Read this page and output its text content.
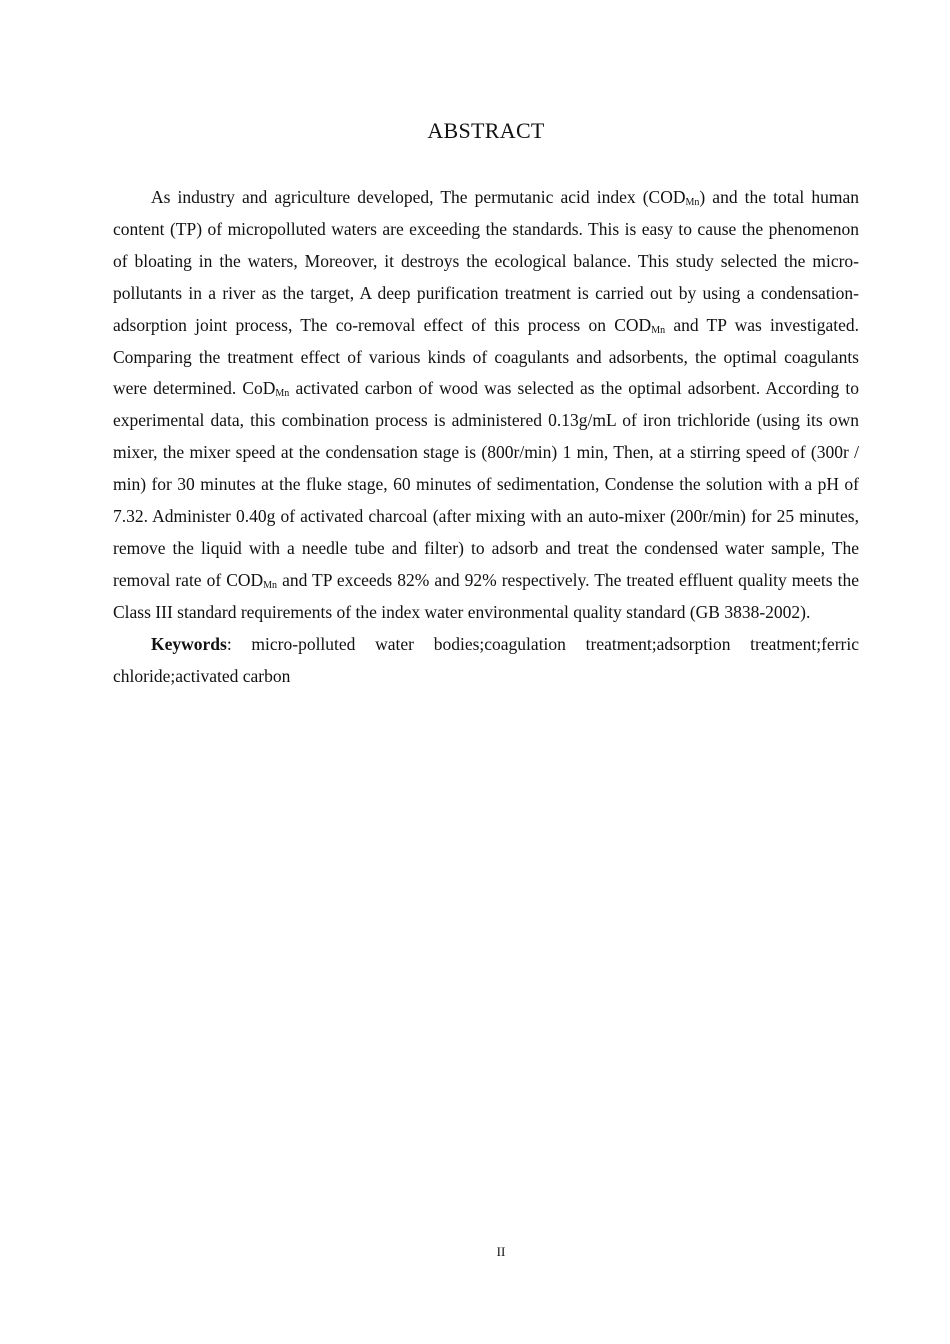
ABSTRACT

As industry and agriculture developed, The permutanic acid index $(COD_{Mn})$ and the total human content (TP) of micropolluted waters are exceeding the standards. This is easy to cause the phenomenon of bloating in the waters, Moreover, it destroys the ecological balance. This study selected the micro-pollutants in a river as the target, A deep purification treatment is carried out by using a condensation-adsorption joint process, The co-removal effect of this process on $COD_{Mn}$ and TP was investigated. Comparing the treatment effect of various kinds of coagulants and adsorbents, the optimal coagulants were determined. CoD$_{Mn}$ activated carbon of wood was selected as the optimal adsorbent. According to experimental data, this combination process is administered 0.13g/mL of iron trichloride (using its own mixer, the mixer speed at the condensation stage is (800r/min) 1 min, Then, at a stirring speed of (300r / min) for 30 minutes at the fluke stage, 60 minutes of sedimentation, Condense the solution with a pH of 7.32. Administer 0.40g of activated charcoal (after mixing with an auto-mixer (200r/min) for 25 minutes, remove the liquid with a needle tube and filter) to adsorb and treat the condensed water sample, The removal rate of $COD_{Mn}$ and TP exceeds 82% and 92% respectively. The treated effluent quality meets the Class III standard requirements of the index water environmental quality standard (GB 3838-2002).

Keywords: micro-polluted water bodies;coagulation treatment;adsorption treatment;ferric chloride;activated carbon

II
